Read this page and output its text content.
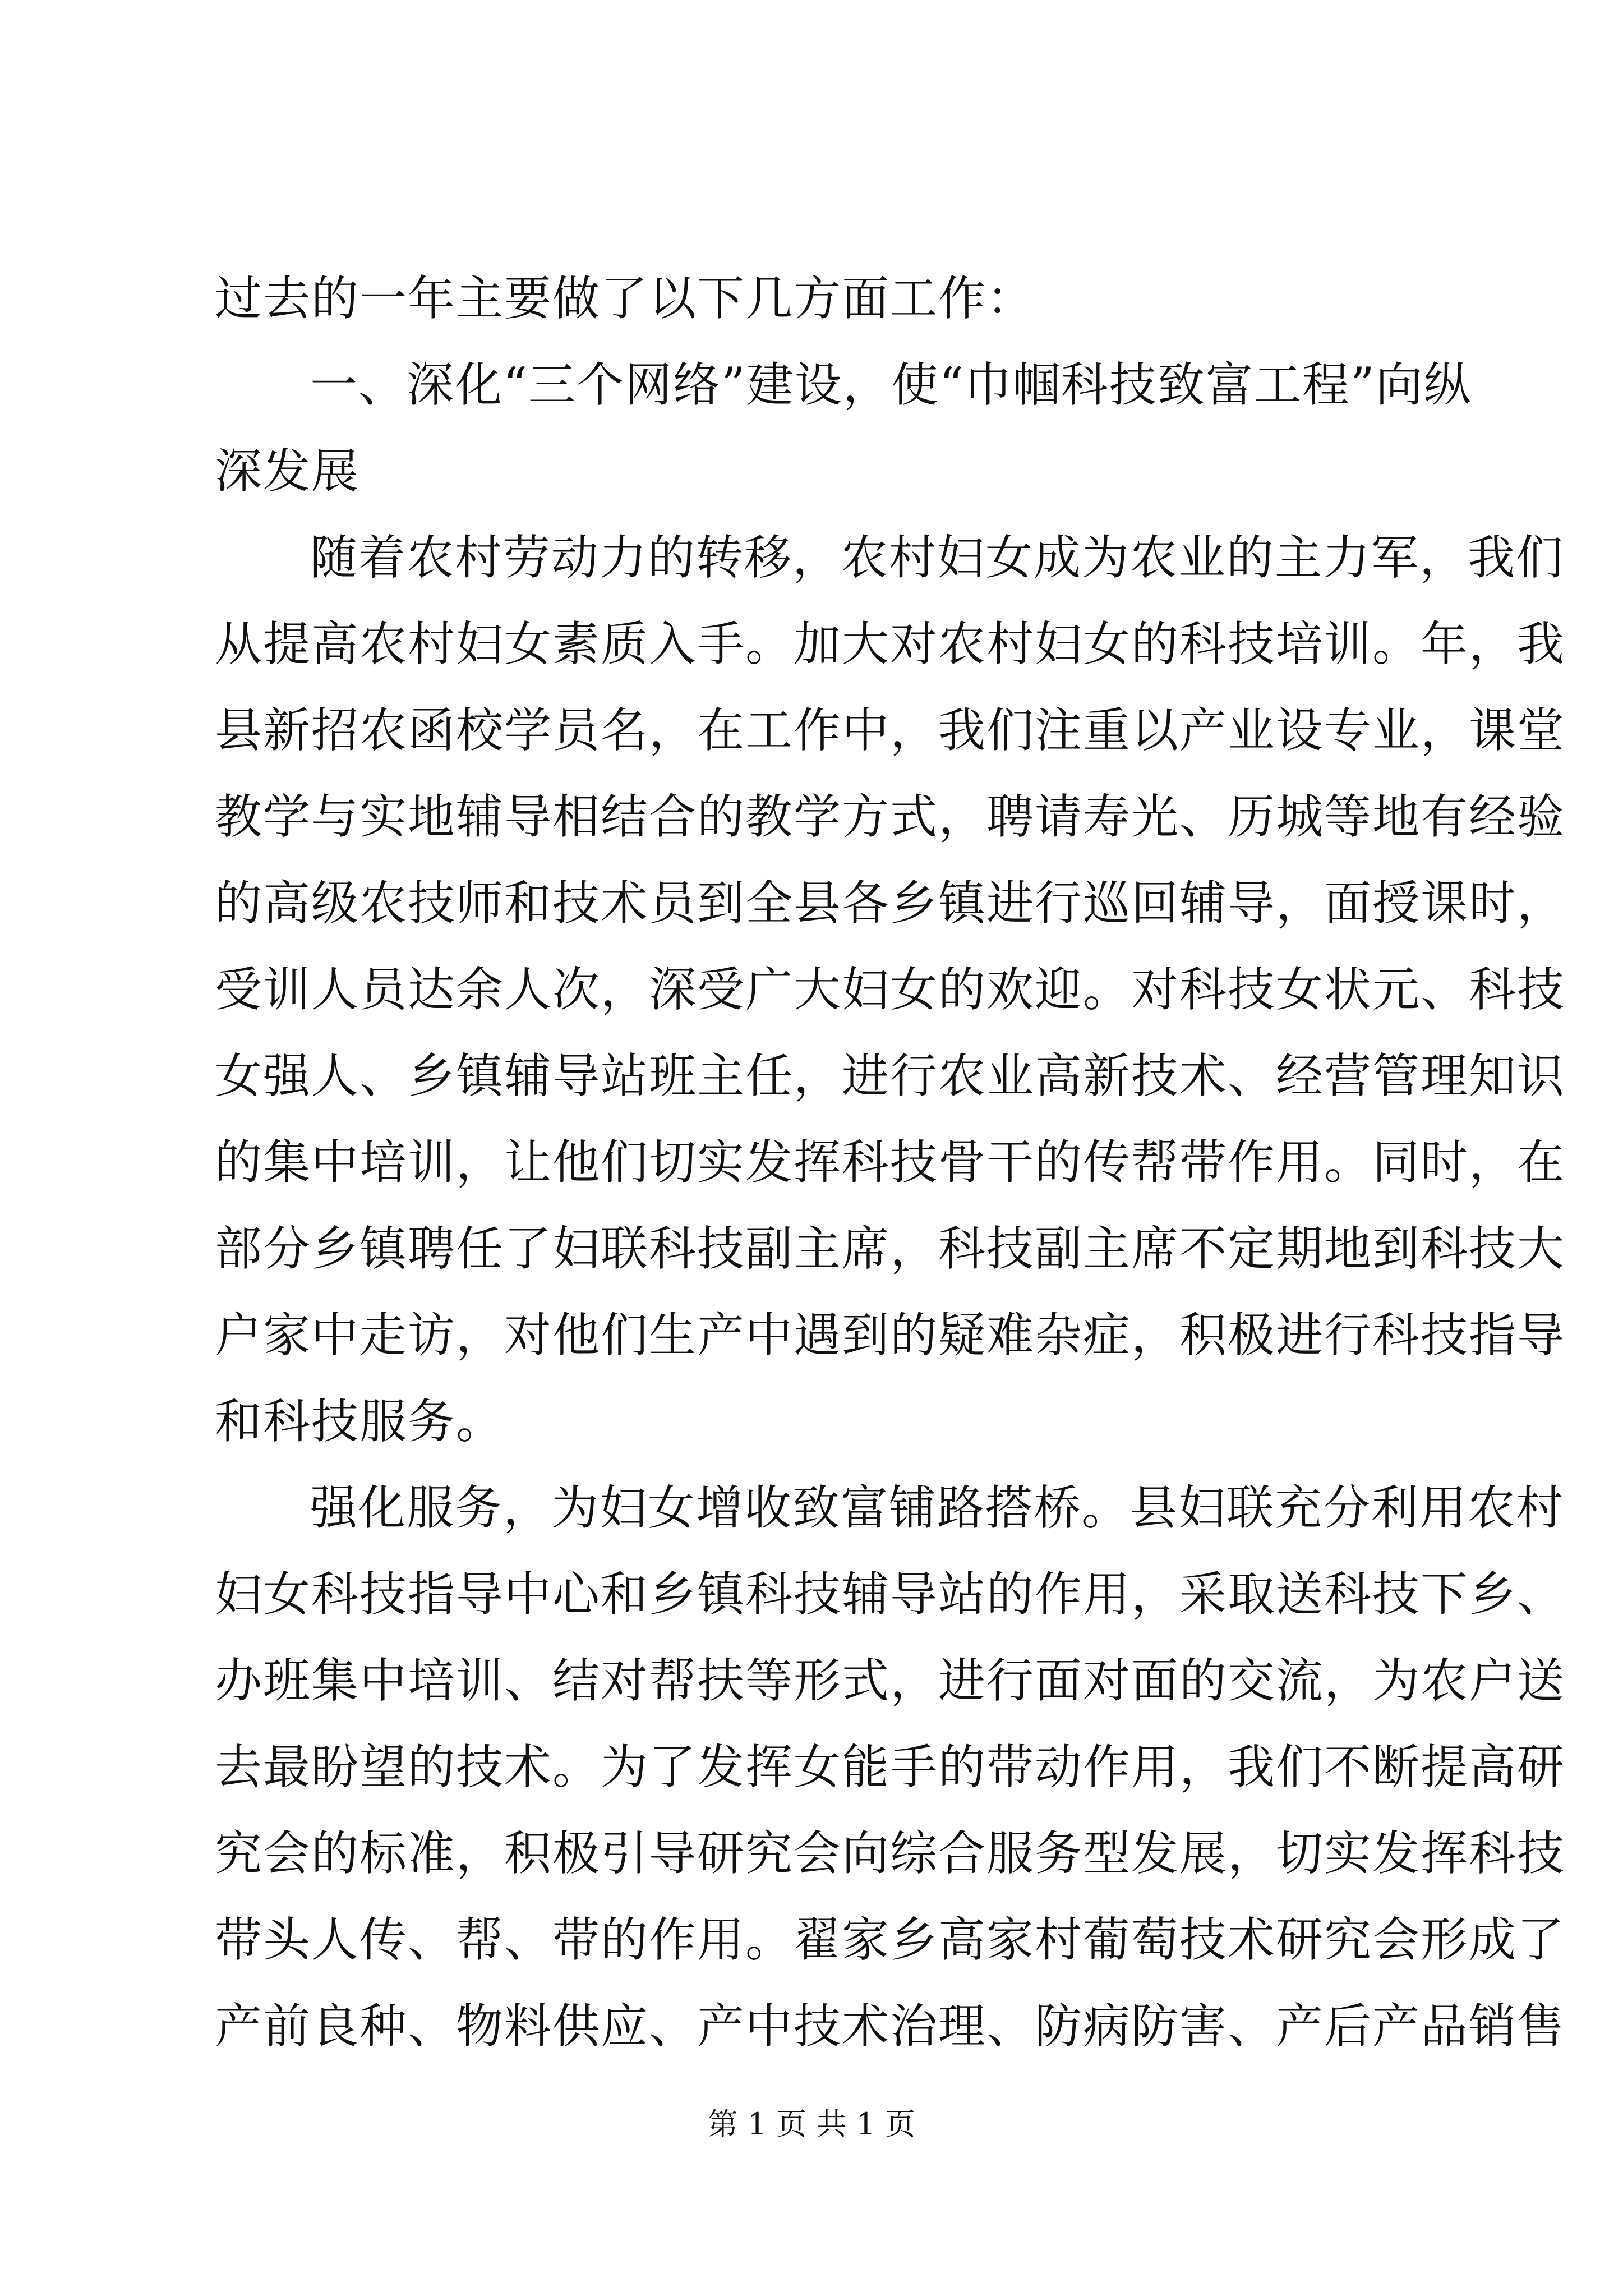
过去的一年主要做了以下几方面工作：
一、深化“三个网络”建设，使“巾帼科技致富工程”向纵
深发展
随着农村劳动力的转移，农村妇女成为农业的主力军，我们
从提高农村妇女素质入手。加大对农村妇女的科技培训。年，我
县新招农函校学员名，在工作中，我们注重以产业设专业，课堂
教学与实地辅导相结合的教学方式，聘请寿光、历城等地有经验
的高级农技师和技术员到全县各乡镇进行巡回辅导，面授课时，
受训人员达余人次，深受广大妇女的欢迎。对科技女状元、科技
女强人、乡镇辅导站班主任，进行农业高新技术、经营管理知识
的集中培训，让他们切实发挥科技骨干的传帮带作用。同时，在
部分乡镇聘任了妇联科技副主席，科技副主席不定期地到科技大
户家中走访，对他们生产中遇到的疑难杂症，积极进行科技指导
和科技服务。
强化服务，为妇女增收致富铺路搭桥。县妇联充分利用农村
妇女科技指导中心和乡镇科技辅导站的作用，采取送科技下乡、
办班集中培训、结对帮扶等形式，进行面对面的交流，为农户送
去最盼望的技术。为了发挥女能手的带动作用，我们不断提高研
究会的标准，积极引导研究会向综合服务型发展，切实发挥科技
带头人传、帮、带的作用。翟家乡高家村葡萄技术研究会形成了
产前良种、物料供应、产中技术治理、防病防害、产后产品销售
第 1 页 共 1 页
